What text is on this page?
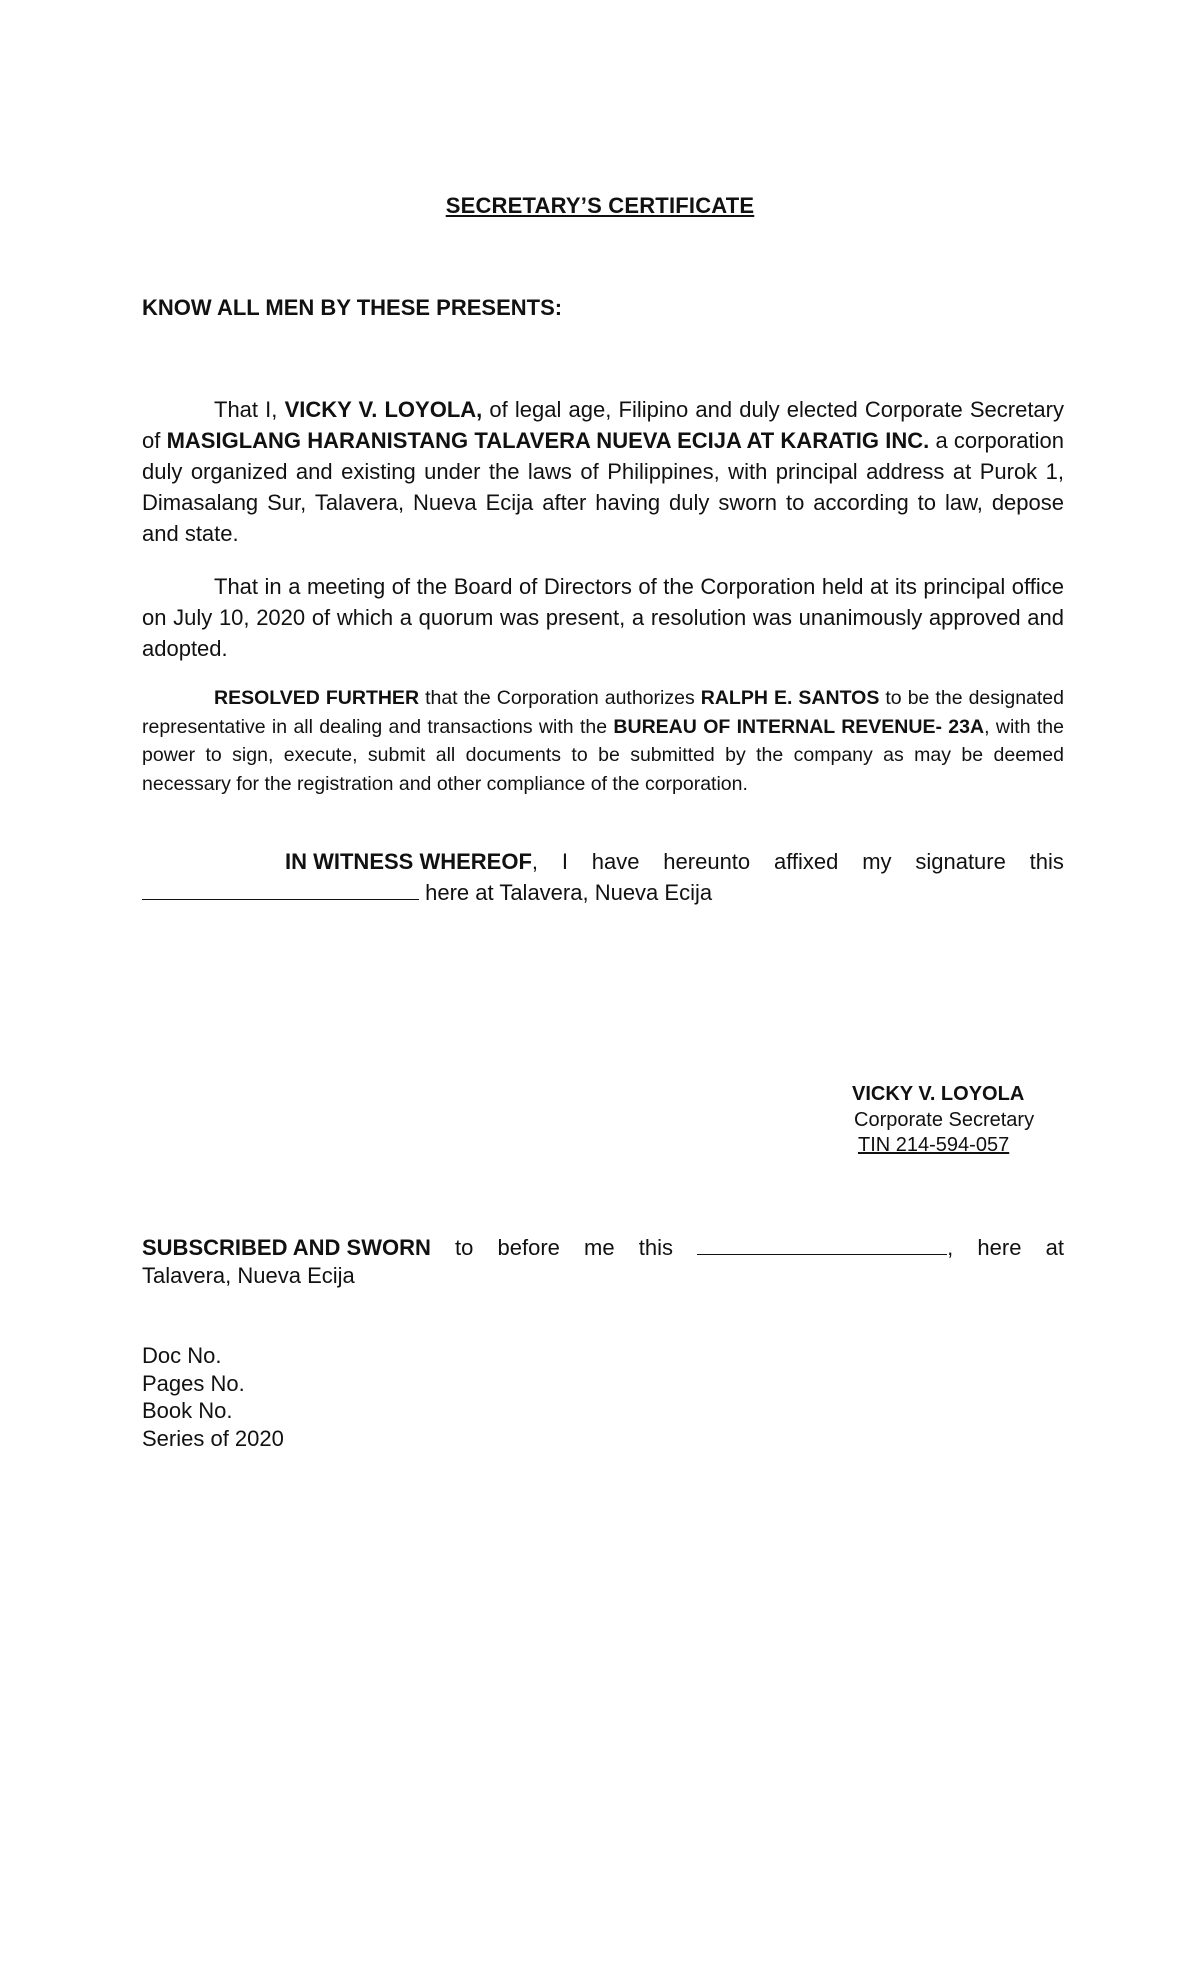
SECRETARY’S CERTIFICATE
KNOW ALL MEN BY THESE PRESENTS:
That I, VICKY V. LOYOLA, of legal age, Filipino and duly elected Corporate Secretary of MASIGLANG HARANISTANG TALAVERA NUEVA ECIJA AT KARATIG INC. a corporation duly organized and existing under the laws of Philippines, with principal address at Purok 1, Dimasalang Sur, Talavera, Nueva Ecija after having duly sworn to according to law, depose and state.
That in a meeting of the Board of Directors of the Corporation held at its principal office on July 10, 2020 of which a quorum was present, a resolution was unanimously approved and adopted.
RESOLVED FURTHER that the Corporation authorizes RALPH E. SANTOS to be the designated representative in all dealing and transactions with the BUREAU OF INTERNAL REVENUE- 23A, with the power to sign, execute, submit all documents to be submitted by the company as may be deemed necessary for the registration and other compliance of the corporation.
IN WITNESS WHEREOF, I have hereunto affixed my signature this
here at Talavera, Nueva Ecija
VICKY V. LOYOLA
Corporate Secretary
TIN 214-594-057
SUBSCRIBED AND SWORN to before me this	, here at
Talavera, Nueva Ecija
Doc No.
Pages No.
Book No.
Series of 2020
